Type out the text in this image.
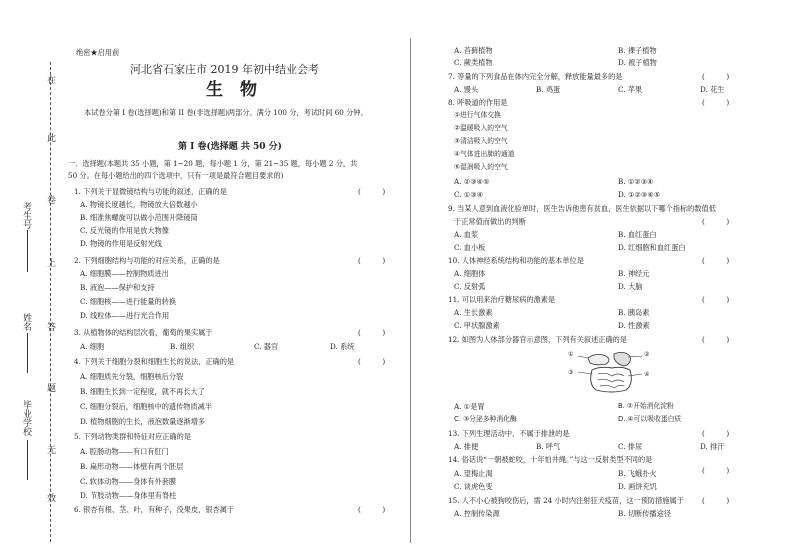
在
此
卷
上
答
题
无
效
考生号
姓名
毕业学校
绝密★启用前
河北省石家庄市 2019 年初中结业会考
生　物
本试卷分第 I 卷(选择题)和第 II 卷(非选择题)两部分。满分 100 分，考试时间 60 分钟。
第 I 卷(选择题 共 50 分)
一、选择题(本题共 35 小题，第 1~20 题，每小题 1 分，第 21~35 题，每小题 2 分，共 50 分。在每小题给出的四个选项中，只有一项是最符合题目要求的)
1. 下列关于显微镜结构与功能的叙述，正确的是	(　　　)
A. 物镜长度越长，物镜放大倍数越小
B. 细准焦螺旋可以做小范围升降镜筒
C. 反光镜的作用是放大物像
D. 物镜的作用是反射光线
2. 下列细胞结构与功能的对应关系，正确的是	(　　　)
A. 细胞膜——控制物质进出
B. 液泡——保护和支持
C. 细胞核——进行能量的转换
D. 线粒体——进行光合作用
3. 从植物体的结构层次看，葡萄的果实属于	(　　　)
A. 细胞	B. 组织	C. 器官	D. 系统
4. 下列关于细胞分裂和细胞生长的说法，正确的是	(　　　)
A. 细胞质先分裂，细胞核后分裂
B. 细胞生长到一定程度，就不再长大了
C. 细胞分裂后，细胞核中的遗传物质减半
D. 植物细胞的生长，液泡数量逐渐增多
5. 下列动物类群和特征对应正确的是
A. 腔肠动物——有口有肛门
B. 扁形动物——体壁有两个胚层
C. 软体动物——身体有外套膜
D. 节肢动物——身体里有脊柱
6. 银杏有根、茎、叶，有种子，没果皮，银杏属于	(　　　)
A. 苔藓植物	B. 裸子植物
C. 蕨类植物	D. 被子植物
7. 等量的下列食品在体内完全分解，释放能量最多的是	(　　　)
A. 馒头	B. 鸡蛋	C. 苹果	D. 花生
8. 呼吸道的作用是	(　　　)
①进行气体交换
②温暖吸入的空气
③清洁吸入的空气
④气体进出肺的通道
⑤湿润吸入的空气
A. ②③④⑤	B. ①②③④
C. ①③④	D. ①②③④⑤
9. 当某人意到血液化验单时，医生告诉他患有贫血，医生依据以下哪个指标的数值低
于正常值而做出的判断	(　　　)
A. 血浆	B. 血红蛋白
C. 血小板	D. 红细胞和血红蛋白
10. 人体神经系统结构和功能的基本单位是	(　　　)
A. 细胞体	B. 神经元
C. 反射弧	D. 大脑
11. 可以用来治疗糖尿病的激素是	(　　　)
A. 生长激素	B. 胰岛素
C. 甲状腺激素	D. 性激素
12. 如图为人体部分器官示意图，下列有关叙述正确的是	(　　　)
①	②
③	④
A. ①是胃	B. ②开始消化淀粉
C. ③分泌多种消化酶	D. ④可以吸收蛋白质
13. 下列生理活动中，不属于排泄的是	(　　　)
A. 排便	B. 呼气	C. 排尿	D. 排汗
14. 俗话说“一朝被蛇咬，十年怕井绳。”与这一反射类型不同的是
(　　　)
A. 望梅止渴	B. 飞蛾扑火
C. 谈虎色变	D. 画饼充饥
15. 人不小心被狗咬伤后，需 24 小时内注射狂犬疫苗，这一预防措施属于	(　　　)
A. 控制传染源	B. 切断传播途径
